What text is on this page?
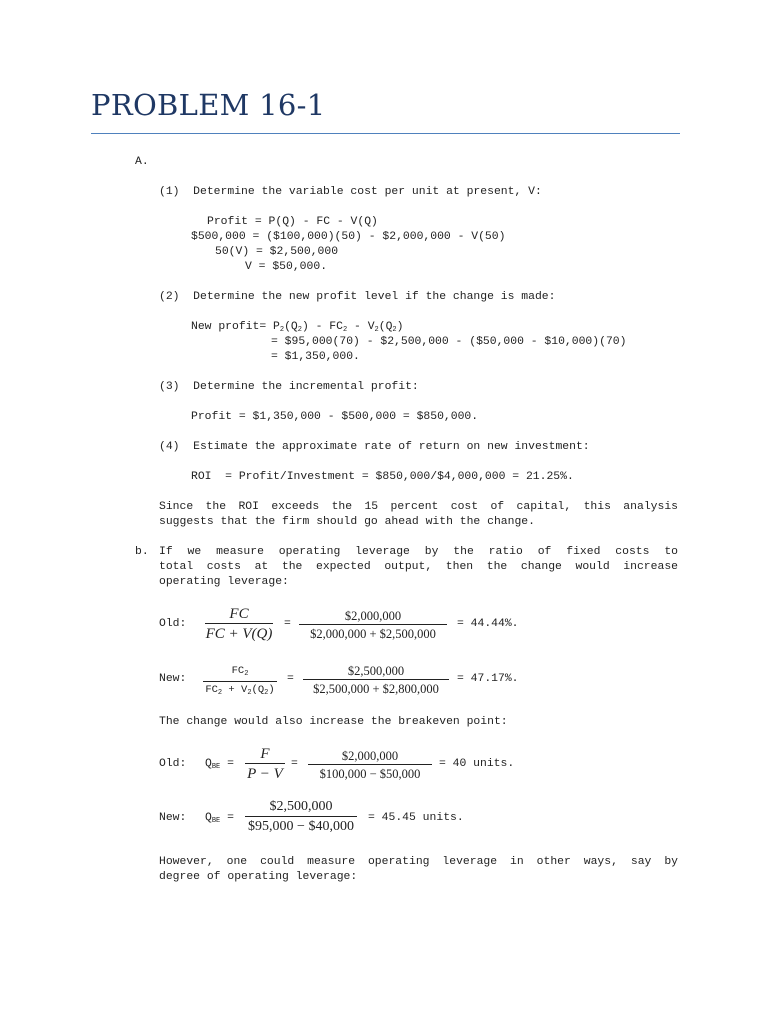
PROBLEM 16-1
A.
(1)  Determine the variable cost per unit at present, V:
Profit = P(Q) - FC - V(Q)
$500,000 = ($100,000)(50) - $2,000,000 - V(50)
50(V) = $2,500,000
V = $50,000.
(2)  Determine the new profit level if the change is made:
New profit= $P_2(Q_2) - FC_2 - V_2(Q_2)$
= $95,000(70) - $2,500,000 - ($50,000 - $10,000)(70)
= $1,350,000.
(3)  Determine the incremental profit:
Profit = $1,350,000 - $500,000 = $850,000.
(4)  Estimate the approximate rate of return on new investment:
ROI  = Profit/Investment = $850,000/$4,000,000 = 21.25%.
Since the ROI exceeds the 15 percent cost of capital, this analysis
suggests that the firm should go ahead with the change.
b. If we measure operating leverage by the ratio of fixed costs to
total costs at the expected output, then the change would increase
operating leverage:
Old:
FC
FC + V(Q)
=
$2,000,000
$2,000,000 + $2,500,000
= 44.44%.
New:
$FC_2$
$FC_2 + V_2(Q_2)$
=
$2,500,000
$2,500,000 + $2,800,000
= 47.17%.
The change would also increase the breakeven point:
Old: $Q_{BE}$ =
F
P − V
=
$2,000,000
$100,000 − $50,000
= 40 units.
New: $Q_{BE}$ =
$2,500,000
$95,000 − $40,000
= 45.45 units.
However, one could measure operating leverage in other ways, say by
degree of operating leverage:
